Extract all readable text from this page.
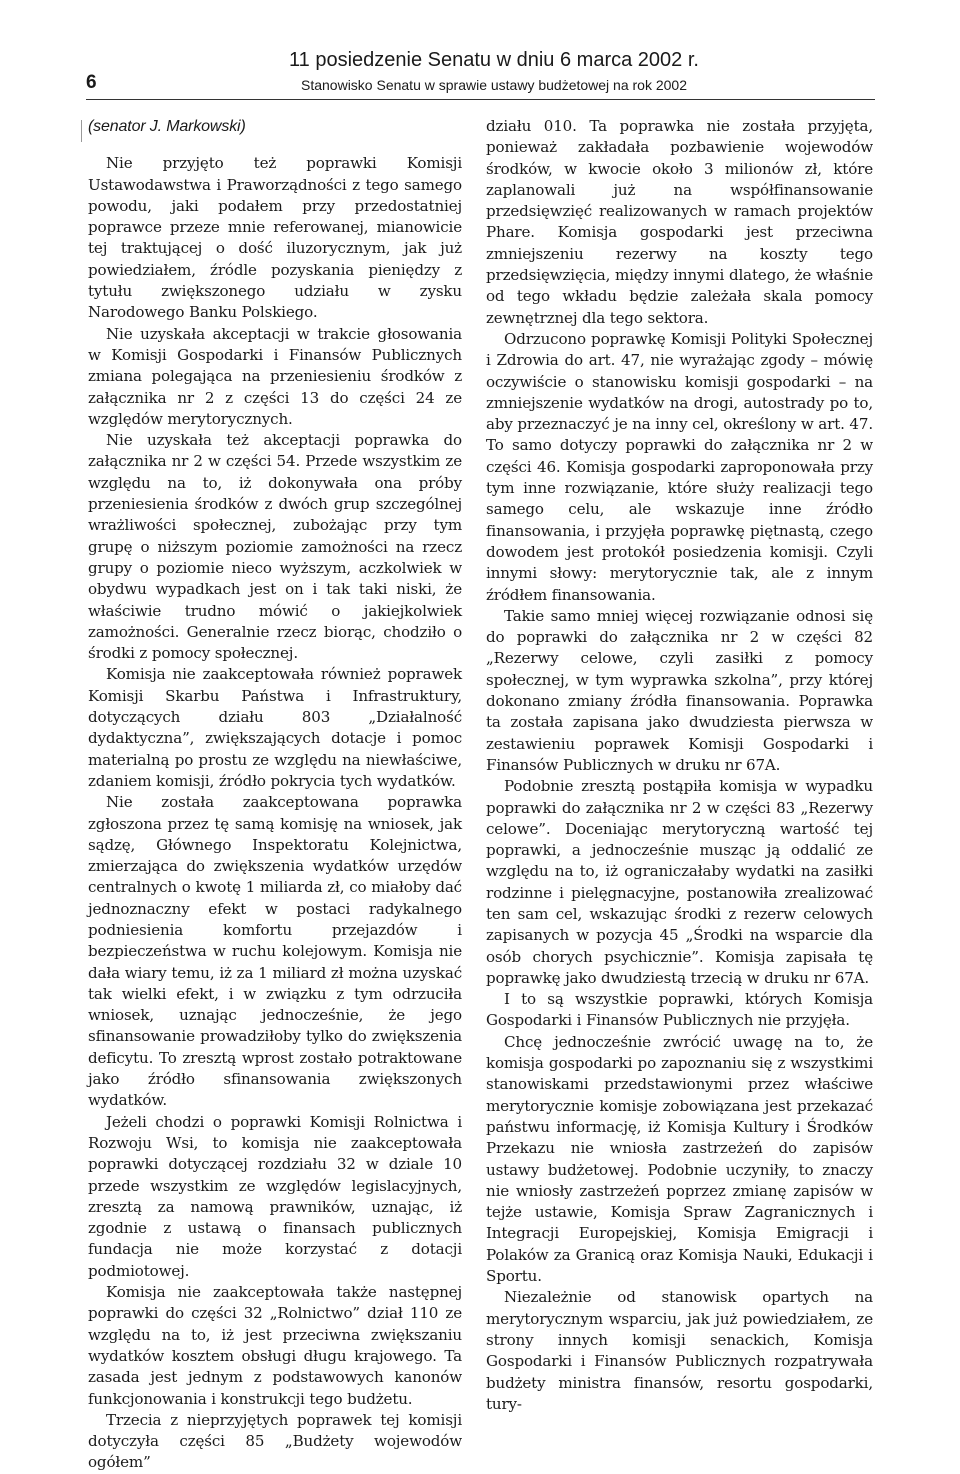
6
11 posiedzenie Senatu w dniu 6 marca 2002 r.
Stanowisko Senatu w sprawie ustawy budżetowej na rok 2002

(senator J. Markowski)

Nie przyjęto też poprawki Komisji Ustawodawstwa i Praworządności z tego samego powodu, jaki podałem przy przedostatniej poprawce przeze mnie referowanej, mianowicie tej traktującej o dość iluzorycznym, jak już powiedziałem, źródle pozyskania pieniędzy z tytułu zwiększonego udziału w zysku Narodowego Banku Polskiego.

Nie uzyskała akceptacji w trakcie głosowania w Komisji Gospodarki i Finansów Publicznych zmiana polegająca na przeniesieniu środków z załącznika nr 2 z części 13 do części 24 ze względów merytorycznych.

Nie uzyskała też akceptacji poprawka do załącznika nr 2 w części 54. Przede wszystkim ze względu na to, iż dokonywała ona próby przeniesienia środków z dwóch grup szczególnej wrażliwości społecznej, zubożając przy tym grupę o niższym poziomie zamożności na rzecz grupy o poziomie nieco wyższym, aczkolwiek w obydwu wypadkach jest on i tak taki niski, że właściwie trudno mówić o jakiejkolwiek zamożności. Generalnie rzecz biorąc, chodziło o środki z pomocy społecznej.

Komisja nie zaakceptowała również poprawek Komisji Skarbu Państwa i Infrastruktury, dotyczących działu 803 „Działalność dydaktyczna”, zwiększających dotacje i pomoc materialną po prostu ze względu na niewłaściwe, zdaniem komisji, źródło pokrycia tych wydatków.

Nie została zaakceptowana poprawka zgłoszona przez tę samą komisję na wniosek, jak sądzę, Głównego Inspektoratu Kolejnictwa, zmierzająca do zwiększenia wydatków urzędów centralnych o kwotę 1 miliarda zł, co miałoby dać jednoznaczny efekt w postaci radykalnego podniesienia komfortu przejazdów i bezpieczeństwa w ruchu kolejowym. Komisja nie dała wiary temu, iż za 1 miliard zł można uzyskać tak wielki efekt, i w związku z tym odrzuciła wniosek, uznając jednocześnie, że jego sfinansowanie prowadziłoby tylko do zwiększenia deficytu. To zresztą wprost zostało potraktowane jako źródło sfinansowania zwiększonych wydatków.

Jeżeli chodzi o poprawki Komisji Rolnictwa i Rozwoju Wsi, to komisja nie zaakceptowała poprawki dotyczącej rozdziału 32 w dziale 10 przede wszystkim ze względów legislacyjnych, zresztą za namową prawników, uznając, iż zgodnie z ustawą o finansach publicznych fundacja nie może korzystać z dotacji podmiotowej.

Komisja nie zaakceptowała także następnej poprawki do części 32 „Rolnictwo” dział 110 ze względu na to, iż jest przeciwna zwiększaniu wydatków kosztem obsługi długu krajowego. Ta zasada jest jednym z podstawowych kanonów funkcjonowania i konstrukcji tego budżetu.

Trzecia z nieprzyjętych poprawek tej komisji dotyczyła części 85 „Budżety wojewodów ogółem”

działu 010. Ta poprawka nie została przyjęta, ponieważ zakładała pozbawienie wojewodów środków, w kwocie około 3 milionów zł, które zaplanowali już na współfinansowanie przedsięwzięć realizowanych w ramach projektów Phare. Komisja gospodarki jest przeciwna zmniejszeniu rezerwy na koszty tego przedsięwzięcia, między innymi dlatego, że właśnie od tego wkładu będzie zależała skala pomocy zewnętrznej dla tego sektora.

Odrzucono poprawkę Komisji Polityki Społecznej i Zdrowia do art. 47, nie wyrażając zgody – mówię oczywiście o stanowisku komisji gospodarki – na zmniejszenie wydatków na drogi, autostrady po to, aby przeznaczyć je na inny cel, określony w art. 47. To samo dotyczy poprawki do załącznika nr 2 w części 46. Komisja gospodarki zaproponowała przy tym inne rozwiązanie, które służy realizacji tego samego celu, ale wskazuje inne źródło finansowania, i przyjęła poprawkę piętnastą, czego dowodem jest protokół posiedzenia komisji. Czyli innymi słowy: merytorycznie tak, ale z innym źródłem finansowania.

Takie samo mniej więcej rozwiązanie odnosi się do poprawki do załącznika nr 2 w części 82 „Rezerwy celowe, czyli zasiłki z pomocy społecznej, w tym wyprawka szkolna”, przy której dokonano zmiany źródła finansowania. Poprawka ta została zapisana jako dwudziesta pierwsza w zestawieniu poprawek Komisji Gospodarki i Finansów Publicznych w druku nr 67A.

Podobnie zresztą postąpiła komisja w wypadku poprawki do załącznika nr 2 w części 83 „Rezerwy celowe”. Doceniając merytoryczną wartość tej poprawki, a jednocześnie musząc ją oddalić ze względu na to, iż ograniczałaby wydatki na zasiłki rodzinne i pielęgnacyjne, postanowiła zrealizować ten sam cel, wskazując środki z rezerw celowych zapisanych w pozycja 45 „Środki na wsparcie dla osób chorych psychicznie”. Komisja zapisała tę poprawkę jako dwudziestą trzecią w druku nr 67A.

I to są wszystkie poprawki, których Komisja Gospodarki i Finansów Publicznych nie przyjęła.

Chcę jednocześnie zwrócić uwagę na to, że komisja gospodarki po zapoznaniu się z wszystkimi stanowiskami przedstawionymi przez właściwe merytorycznie komisje zobowiązana jest przekazać państwu informację, iż Komisja Kultury i Środków Przekazu nie wniosła zastrzeżeń do zapisów ustawy budżetowej. Podobnie uczyniły, to znaczy nie wniosły zastrzeżeń poprzez zmianę zapisów w tejże ustawie, Komisja Spraw Zagranicznych i Integracji Europejskiej, Komisja Emigracji i Polaków za Granicą oraz Komisja Nauki, Edukacji i Sportu.

Niezależnie od stanowisk opartych na merytorycznym wsparciu, jak już powiedziałem, ze strony innych komisji senackich, Komisja Gospodarki i Finansów Publicznych rozpatrywała budżety ministra finansów, resortu gospodarki, tury-
